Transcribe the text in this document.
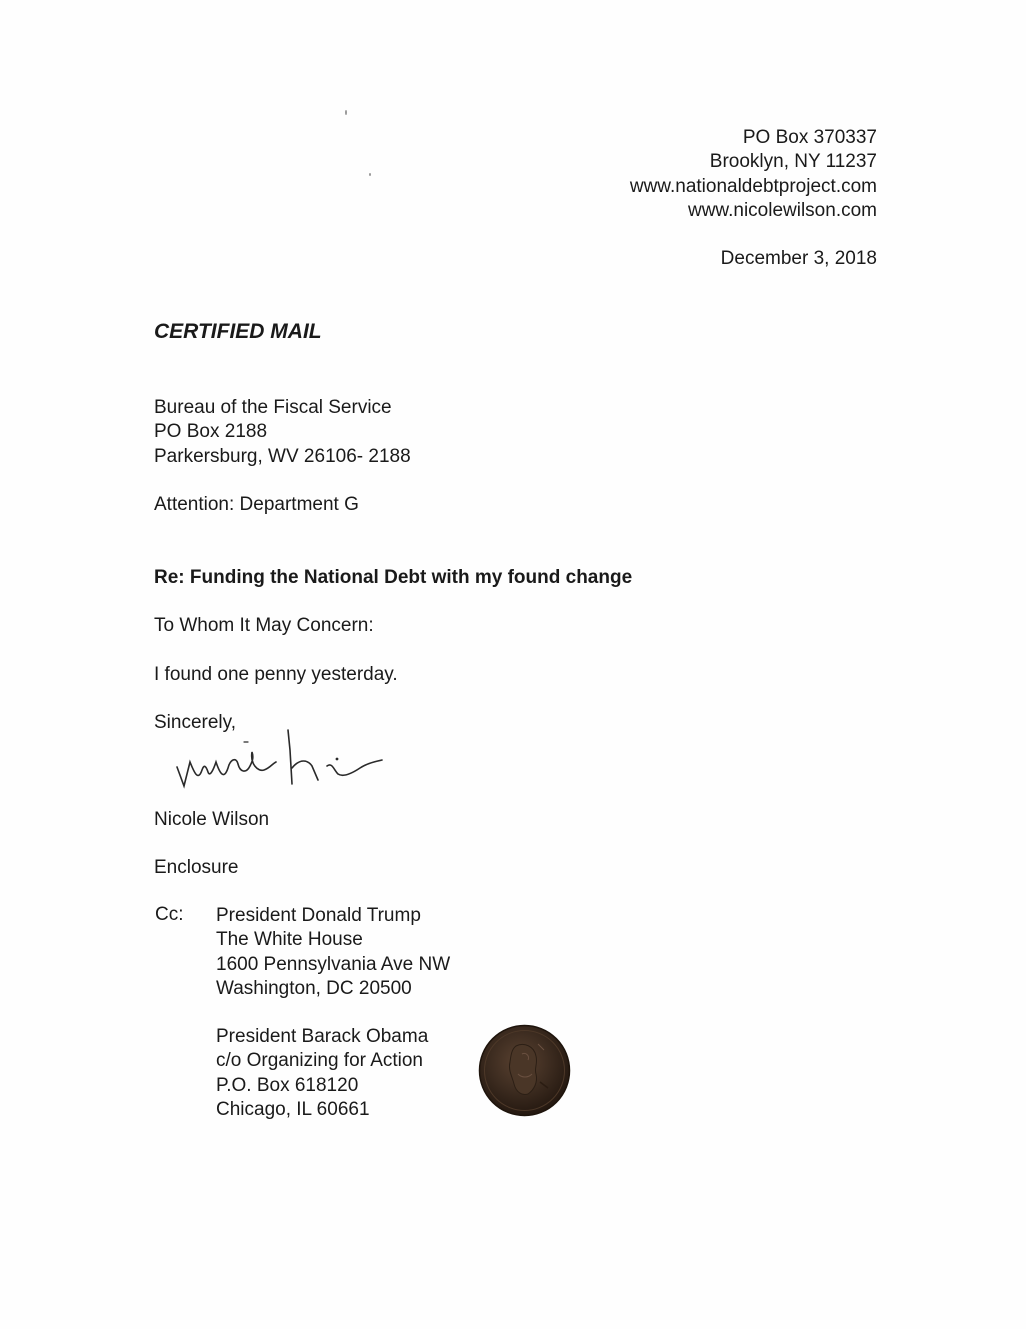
PO Box 370337
Brooklyn, NY 11237
www.nationaldebtproject.com
www.nicolewilson.com
December 3, 2018
CERTIFIED MAIL
Bureau of the Fiscal Service
PO Box 2188
Parkersburg, WV 26106- 2188
Attention: Department G
Re: Funding the National Debt with my found change
To Whom It May Concern:
I found one penny yesterday.
Sincerely,
Nicole Wilson
Enclosure
Cc: President Donald Trump
The White House
1600 Pennsylvania Ave NW
Washington, DC 20500
President Barack Obama
c/o Organizing for Action
P.O. Box 618120
Chicago, IL 60661
